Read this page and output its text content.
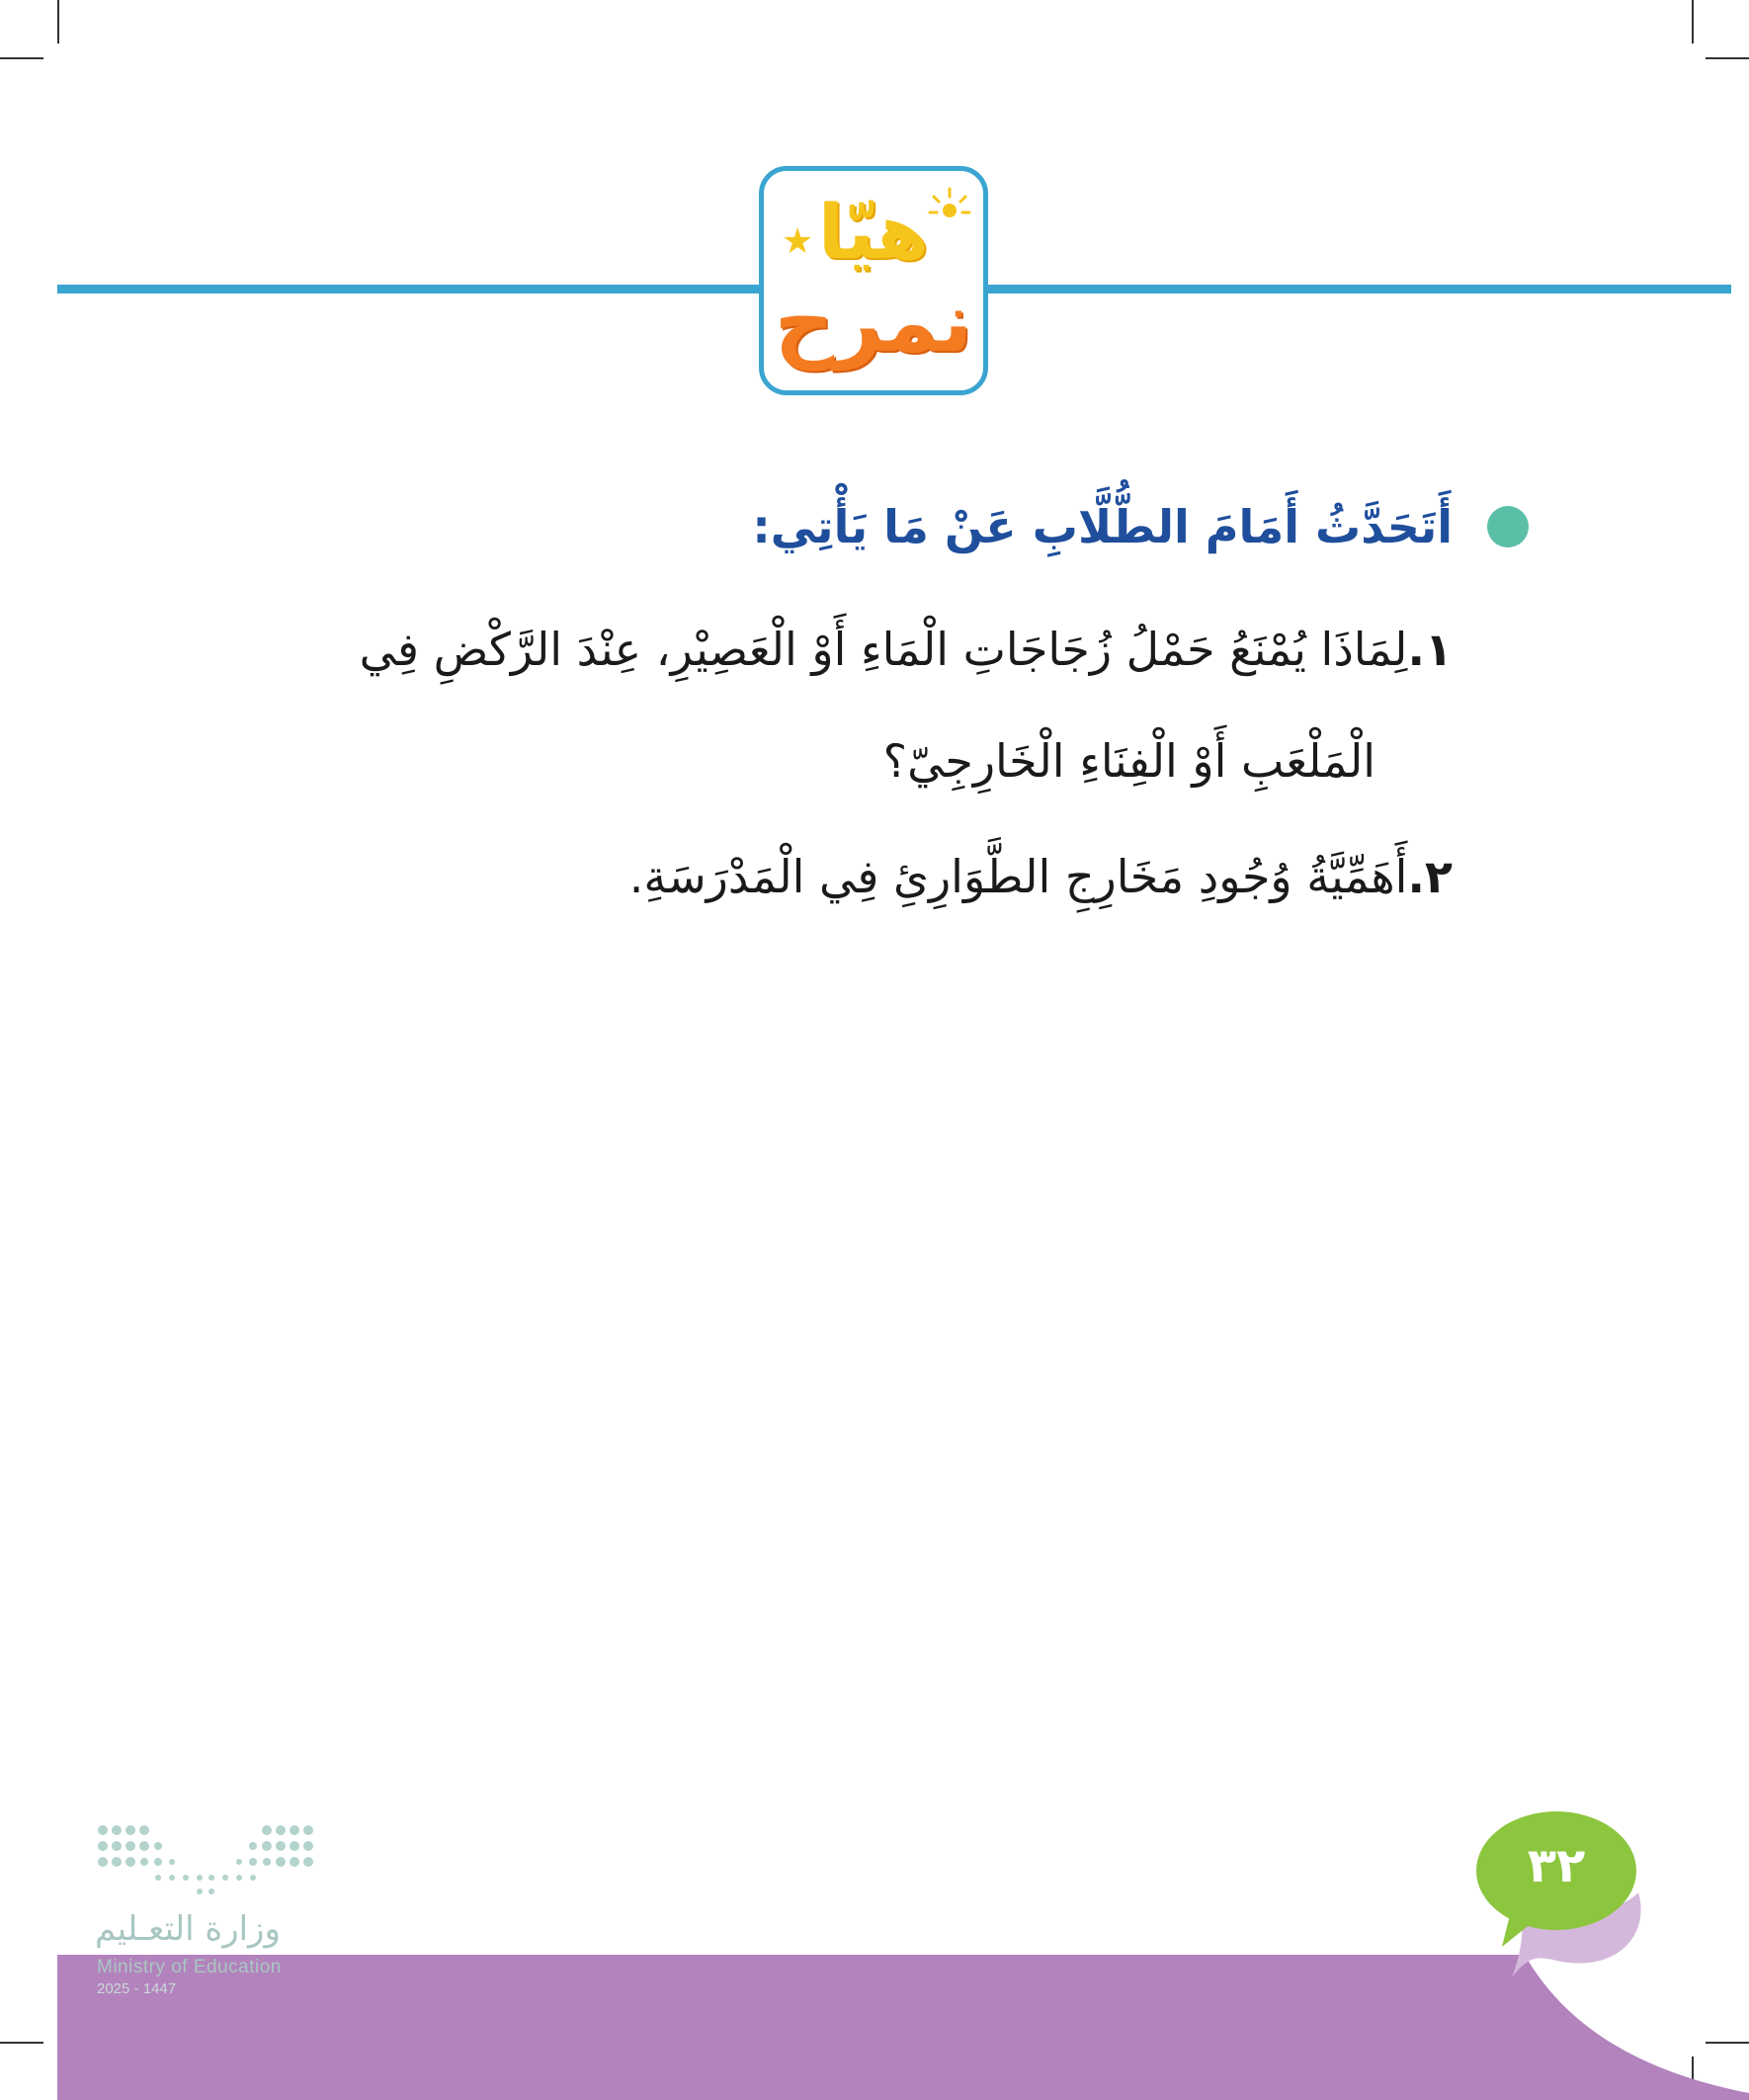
★ هيّا
نمرح
أَتَحَدَّثُ أَمَامَ الطُّلَّابِ عَنْ مَا يَأْتِي:
١.لِمَاذَا يُمْنَعُ حَمْلُ زُجَاجَاتِ الْمَاءِ أَوْ الْعَصِيْرِ، عِنْدَ الرَّكْضِ فِي
الْمَلْعَبِ أَوْ الْفِنَاءِ الْخَارِجِيّ؟
٢.أَهَمِّيَّةُ وُجُودِ مَخَارِجِ الطَّوَارِئِ فِي الْمَدْرَسَةِ.
٣٢
وزارة التعـليم
Ministry of Education
2025 - 1447
